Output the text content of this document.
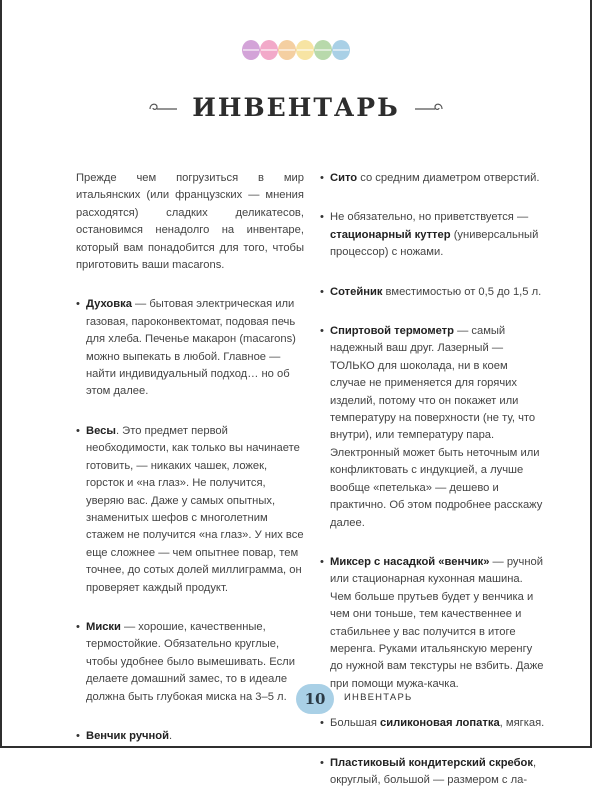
ИНВЕНТАРЬ

Прежде чем погрузиться в мир итальянских (или французских — мнения расходятся) сладких деликатесов, остановимся ненадолго на инвентаре, который вам понадобится для того, чтобы приготовить ваши macarons.

• Духовка — бытовая электрическая или газовая, пароконвектомат, подовая печь для хлеба. Печенье макарон (macarons) можно выпекать в любой. Главное — найти индивидуальный подход… но об этом далее.

• Весы. Это предмет первой необходимости, как только вы начинаете готовить, — никаких чашек, ложек, горсток и «на глаз». Не получится, уверяю вас. Даже у самых опытных, знаменитых шефов с многолетним стажем не получится «на глаз». У них все еще сложнее — чем опытнее повар, тем точнее, до сотых долей миллиграмма, он проверяет каждый продукт.

• Миски — хорошие, качественные, термостойкие. Обязательно круглые, чтобы удобнее было вымешивать. Если делаете домашний замес, то в идеале должна быть глубокая миска на 3–5 л.

• Венчик ручной.

• Сито со средним диаметром отверстий.

• Не обязательно, но приветствуется — стационарный куттер (универсальный процессор) с ножами.

• Сотейник вместимостью от 0,5 до 1,5 л.

• Спиртовой термометр — самый надежный ваш друг. Лазерный — ТОЛЬКО для шоколада, ни в коем случае не применяется для горячих изделий, потому что он покажет или температуру на поверхности (не ту, что внутри), или температуру пара. Электронный может быть неточным или конфликтовать с индукцией, а лучше вообще «петелька» — дешево и практично. Об этом подробнее расскажу далее.

• Миксер с насадкой «венчик» — ручной или стационарная кухонная машина. Чем больше прутьев будет у венчика и чем они тоньше, тем качественнее и стабильнее у вас получится в итоге меренга. Руками итальянскую меренгу до нужной вам текстуры не взбить. Даже при помощи мужа-качка.

• Большая силиконовая лопатка, мягкая.

• Пластиковый кондитерский скребок, округлый, большой — размером с ла-

10	ИНВЕНТАРЬ
